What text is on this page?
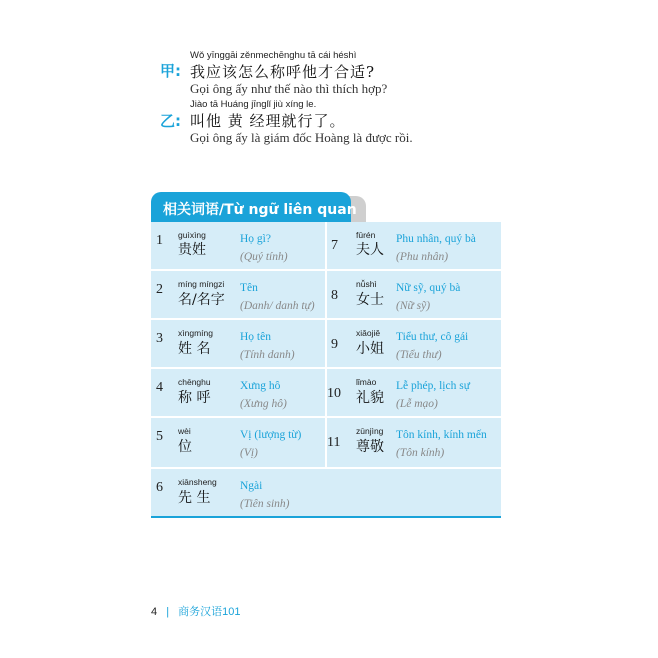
Wǒ yīnggāi zěnmechēnghu tā cái héshì
甲: 我应该怎么称呼他才合适?
Gọi ông ấy như thế nào thì thích hợp?
Jiào tā Huáng jīnglǐ jiù xíng le.
乙: 叫他 黄 经理就行了。
Gọi ông ấy là giám đốc Hoàng là được rồi.
相关词语/Từ ngữ liên quan
1 guìxìng
贵姓
Họ gì?
(Quý tính)
2 míng míngzi
名/名字
Tên
(Danh/ danh tự)
3 xìngmíng
姓 名
Họ tên
(Tính danh)
4 chēnghu
称 呼
Xưng hô
(Xưng hô)
5 wèi
位
Vị (lượng từ)
(Vị)
6 xiānsheng
先 生
Ngài
(Tiên sinh)
7
fūrén
夫人
Phu nhân, quý bà
(Phu nhân)
8
nǚshì
女士
Nữ sỹ, quý bà
(Nữ sỹ)
9
xiǎojiě
小姐
Tiểu thư, cô gái
(Tiểu thư)
10
lǐmào
礼貌
Lễ phép, lịch sự
(Lễ mạo)
11
zūnjìng
尊敬
Tôn kính, kính mến
(Tôn kính)
4 | 商务汉语101
